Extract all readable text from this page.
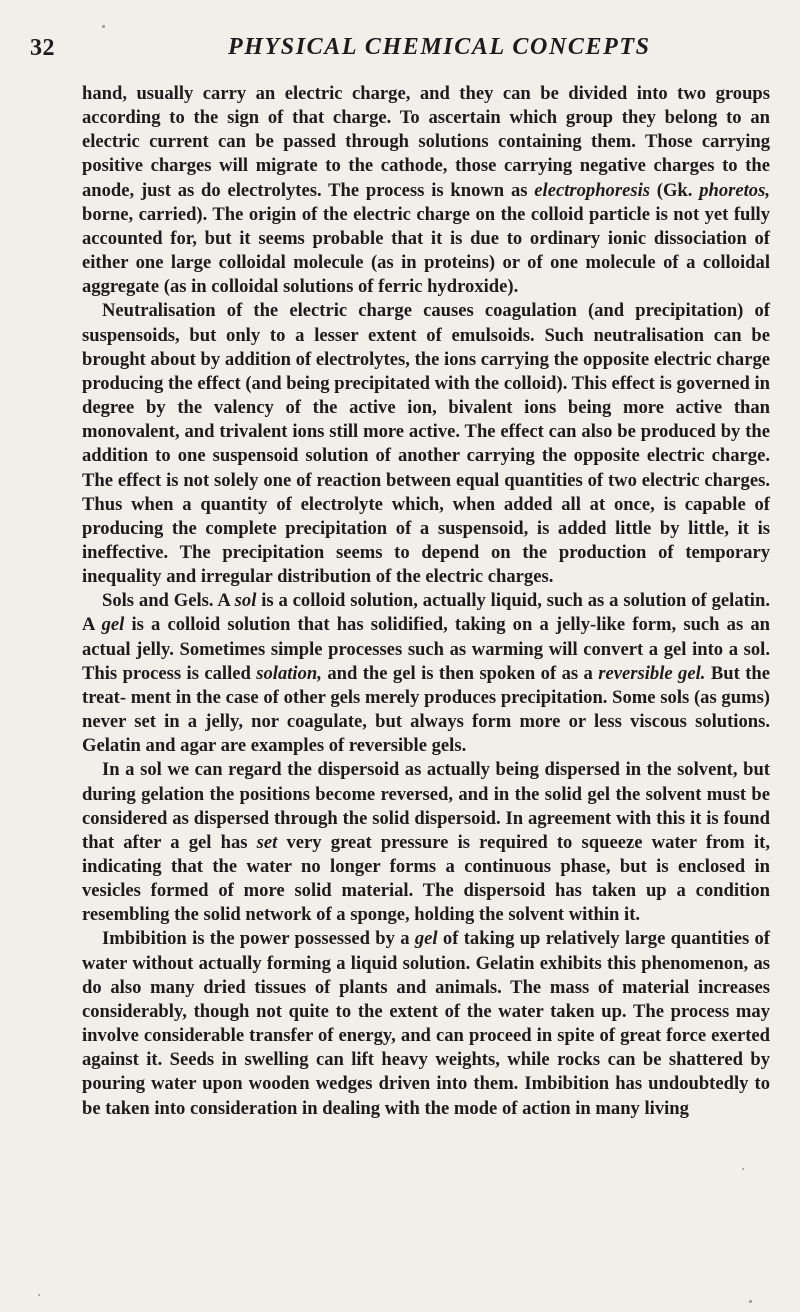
32	PHYSICAL CHEMICAL CONCEPTS

hand, usually carry an electric charge, and they can be divided into two groups according to the sign of that charge. To ascertain which group they belong to an electric current can be passed through solutions containing them. Those carrying positive charges will migrate to the cathode, those carrying negative charges to the anode, just as do electrolytes. The process is known as electrophoresis (Gk. phoretos, borne, carried). The origin of the electric charge on the colloid particle is not yet fully accounted for, but it seems probable that it is due to ordinary ionic dissociation of either one large colloidal molecule (as in proteins) or of one molecule of a colloidal aggregate (as in colloidal solutions of ferric hydroxide).

Neutralisation of the electric charge causes coagulation (and precipitation) of suspensoids, but only to a lesser extent of emulsoids. Such neutralisation can be brought about by addition of electrolytes, the ions carrying the opposite electric charge producing the effect (and being precipitated with the colloid). This effect is governed in degree by the valency of the active ion, bivalent ions being more active than monovalent, and trivalent ions still more active. The effect can also be produced by the addition to one suspensoid solution of another carrying the opposite electric charge. The effect is not solely one of reaction between equal quantities of two electric charges. Thus when a quantity of electrolyte which, when added all at once, is capable of producing the complete precipitation of a suspensoid, is added little by little, it is ineffective. The precipitation seems to depend on the production of temporary inequality and irregular distribution of the electric charges.

Sols and Gels. A sol is a colloid solution, actually liquid, such as a solution of gelatin. A gel is a colloid solution that has solidified, taking on a jelly-like form, such as an actual jelly. Sometimes simple processes such as warming will convert a gel into a sol. This process is called solation, and the gel is then spoken of as a reversible gel. But the treat- ment in the case of other gels merely produces precipitation. Some sols (as gums) never set in a jelly, nor coagulate, but always form more or less viscous solutions. Gelatin and agar are examples of reversible gels.

In a sol we can regard the dispersoid as actually being dispersed in the solvent, but during gelation the positions become reversed, and in the solid gel the solvent must be considered as dispersed through the solid dispersoid. In agreement with this it is found that after a gel has set very great pressure is required to squeeze water from it, indicating that the water no longer forms a continuous phase, but is enclosed in vesicles formed of more solid material. The dispersoid has taken up a condition resembling the solid network of a sponge, holding the solvent within it.

Imbibition is the power possessed by a gel of taking up relatively large quantities of water without actually forming a liquid solution. Gelatin exhibits this phenomenon, as do also many dried tissues of plants and animals. The mass of material increases considerably, though not quite to the extent of the water taken up. The process may involve considerable transfer of energy, and can proceed in spite of great force exerted against it. Seeds in swelling can lift heavy weights, while rocks can be shattered by pouring water upon wooden wedges driven into them. Imbibition has undoubtedly to be taken into consideration in dealing with the mode of action in many living
